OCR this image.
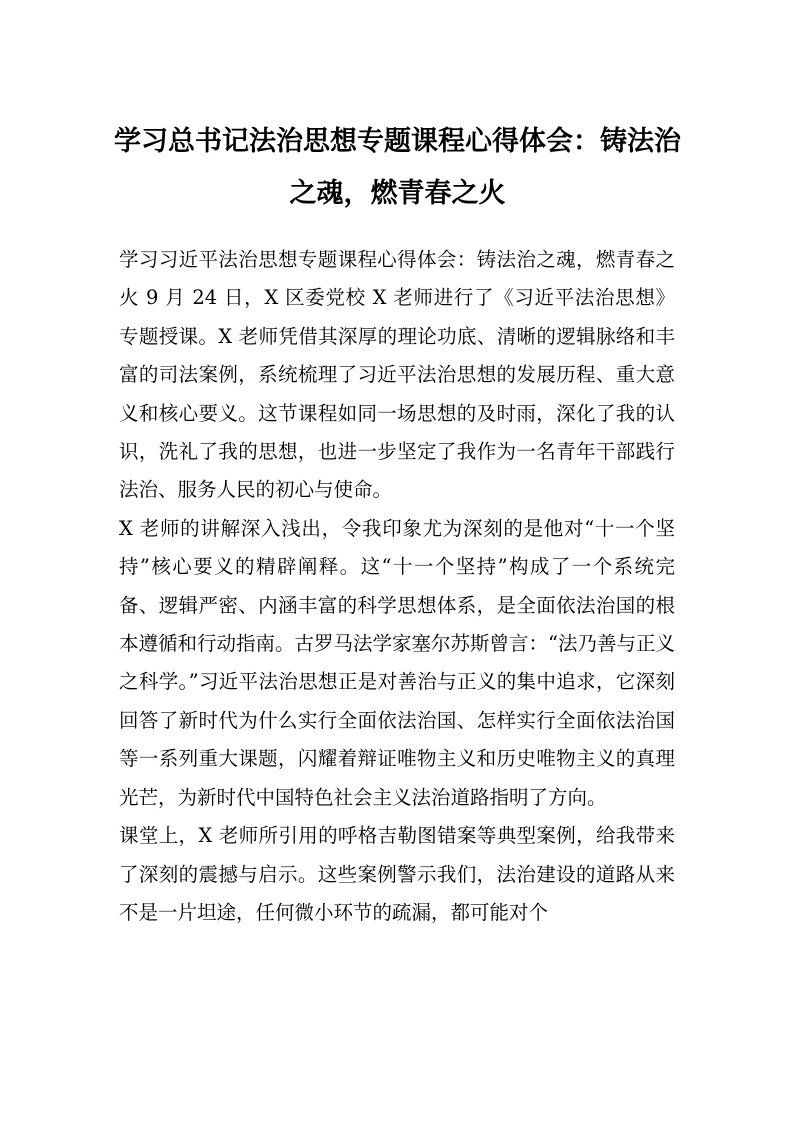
学习总书记法治思想专题课程心得体会：铸法治之魂，燃青春之火

学习习近平法治思想专题课程心得体会：铸法治之魂，燃青春之火 9 月 24 日，X 区委党校 X 老师进行了《习近平法治思想》专题授课。X 老师凭借其深厚的理论功底、清晰的逻辑脉络和丰富的司法案例，系统梳理了习近平法治思想的发展历程、重大意义和核心要义。这节课程如同一场思想的及时雨，深化了我的认识，洗礼了我的思想，也进一步坚定了我作为一名青年干部践行法治、服务人民的初心与使命。

X 老师的讲解深入浅出，令我印象尤为深刻的是他对“十一个坚持”核心要义的精辟阐释。这“十一个坚持”构成了一个系统完备、逻辑严密、内涵丰富的科学思想体系，是全面依法治国的根本遵循和行动指南。古罗马法学家塞尔苏斯曾言：“法乃善与正义之科学。”习近平法治思想正是对善治与正义的集中追求，它深刻回答了新时代为什么实行全面依法治国、怎样实行全面依法治国等一系列重大课题，闪耀着辩证唯物主义和历史唯物主义的真理光芒，为新时代中国特色社会主义法治道路指明了方向。

课堂上，X 老师所引用的呼格吉勒图错案等典型案例，给我带来了深刻的震撼与启示。这些案例警示我们，法治建设的道路从来不是一片坦途，任何微小环节的疏漏，都可能对个
